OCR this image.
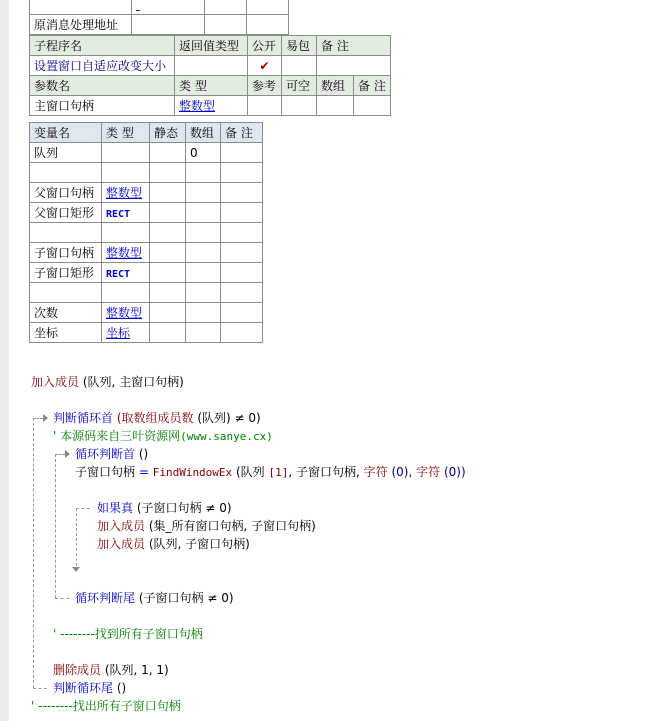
原消息处理地址			
子程序名	返回值类型	公开	易包	备 注	
设置窗口自适应改变大小		✔			
参数名	类 型	参考	可空	数组	备 注
主窗口句柄	整数型				
变量名	类 型	静态	数组	备 注
队列			0	

父窗口句柄	整数型			
父窗口矩形	RECT			

子窗口句柄	整数型			
子窗口矩形	RECT			

次数	整数型			
坐标	坐标			
加入成员 (队列, 主窗口句柄)
判断循环首 (取数组成员数 (队列) ≠ 0)
' 本源码来自三叶资源网(www.sanye.cx)
循环判断首 ()
子窗口句柄 = FindWindowEx (队列 [1], 子窗口句柄, 字符 (0), 字符 (0))
如果真 (子窗口句柄 ≠ 0)
加入成员 (集_所有窗口句柄, 子窗口句柄)
加入成员 (队列, 子窗口句柄)
循环判断尾 (子窗口句柄 ≠ 0)
' --------找到所有子窗口句柄
删除成员 (队列, 1, 1)
判断循环尾 ()
' --------找出所有子窗口句柄
